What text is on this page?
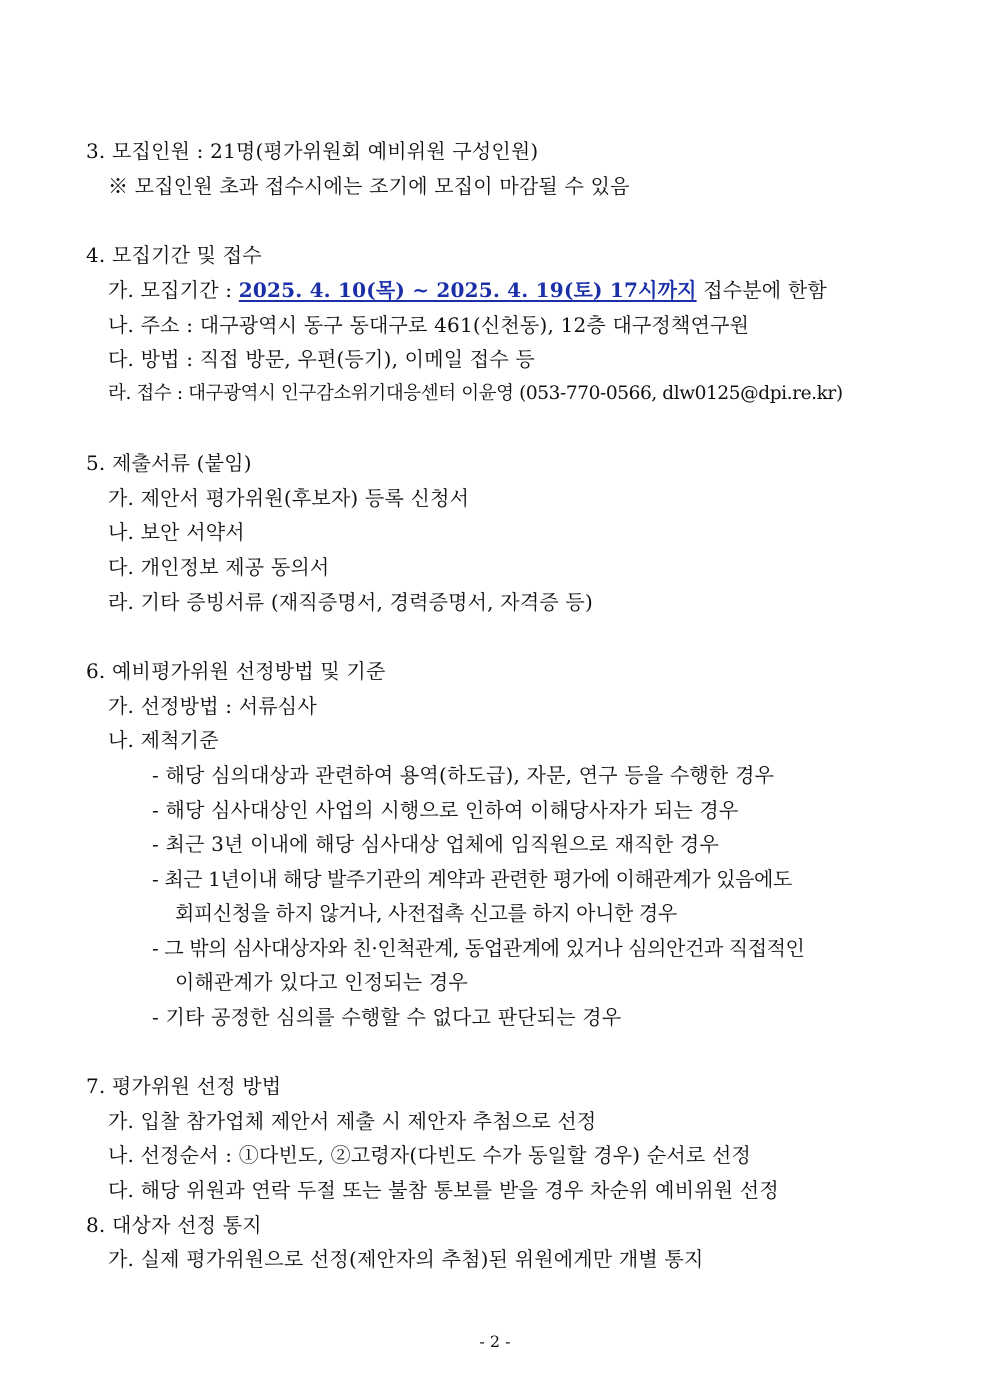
3. 모집인원 : 21명(평가위원회 예비위원 구성인원)
※ 모집인원 초과 접수시에는 조기에 모집이 마감될 수 있음
4. 모집기간 및 접수
가. 모집기간 : 2025. 4. 10(목) ~ 2025. 4. 19(토) 17시까지 접수분에 한함
나. 주소 : 대구광역시 동구 동대구로 461(신천동), 12층 대구정책연구원
다. 방법 : 직접 방문, 우편(등기), 이메일 접수 등
라. 접수 : 대구광역시 인구감소위기대응센터 이윤영 (053-770-0566, dlw0125@dpi.re.kr)
5. 제출서류 (붙임)
가. 제안서 평가위원(후보자) 등록 신청서
나. 보안 서약서
다. 개인정보 제공 동의서
라. 기타 증빙서류 (재직증명서, 경력증명서, 자격증 등)
6. 예비평가위원 선정방법 및 기준
가. 선정방법 : 서류심사
나. 제척기준
- 해당 심의대상과 관련하여 용역(하도급), 자문, 연구 등을 수행한 경우
- 해당 심사대상인 사업의 시행으로 인하여 이해당사자가 되는 경우
- 최근 3년 이내에 해당 심사대상 업체에 임직원으로 재직한 경우
- 최근 1년이내 해당 발주기관의 계약과 관련한 평가에 이해관계가 있음에도
회피신청을 하지 않거나, 사전접촉 신고를 하지 아니한 경우
- 그 밖의 심사대상자와 친·인척관계, 동업관계에 있거나 심의안건과 직접적인
이해관계가 있다고 인정되는 경우
- 기타 공정한 심의를 수행할 수 없다고 판단되는 경우
7. 평가위원 선정 방법
가. 입찰 참가업체 제안서 제출 시 제안자 추첨으로 선정
나. 선정순서 : ①다빈도, ②고령자(다빈도 수가 동일할 경우) 순서로 선정
다. 해당 위원과 연락 두절 또는 불참 통보를 받을 경우 차순위 예비위원 선정
8. 대상자 선정 통지
가. 실제 평가위원으로 선정(제안자의 추첨)된 위원에게만 개별 통지
- 2 -
